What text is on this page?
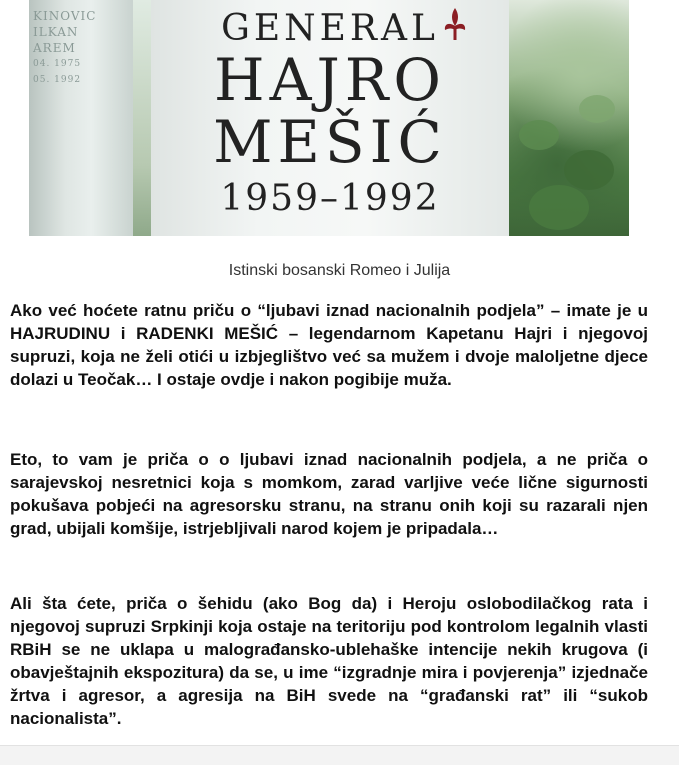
KINOVIC
ILKAN
AREM
04. 1975
05. 1992
GENERAL
HAJRO
MEŠIĆ
1959–1992
Istinski bosanski Romeo i Julija

Ako već hoćete ratnu priču o “ljubavi iznad nacionalnih podjela” – imate je u HAJRUDINU i RADENKI MEŠIĆ – legendarnom Kapetanu Hajri i njegovoj supruzi, koja ne želi otići u izbjeglištvo već sa mužem i dvoje maloljetne djece dolazi u Teočak… I ostaje ovdje i nakon pogibije muža.

Eto, to vam je priča o o ljubavi iznad nacionalnih podjela, a ne priča o sarajevskoj nesretnici koja s momkom, zarad varljive veće lične sigurnosti pokušava pobjeći na agresorsku stranu, na stranu onih koji su razarali njen grad, ubijali komšije, istrjebljivali narod kojem je pripadala…

Ali šta ćete, priča o šehidu (ako Bog da) i Heroju oslobodilačkog rata i njegovoj supruzi Srpkinji koja ostaje na teritoriju pod kontrolom legalnih vlasti RBiH se ne uklapa u malograđansko-ublehaške intencije nekih krugova (i obavještajnih ekspozitura) da se, u ime “izgradnje mira i povjerenja” izjednače žrtva i agresor, a agresija na BiH svede na “građanski rat” ili “sukob nacionalista”.
